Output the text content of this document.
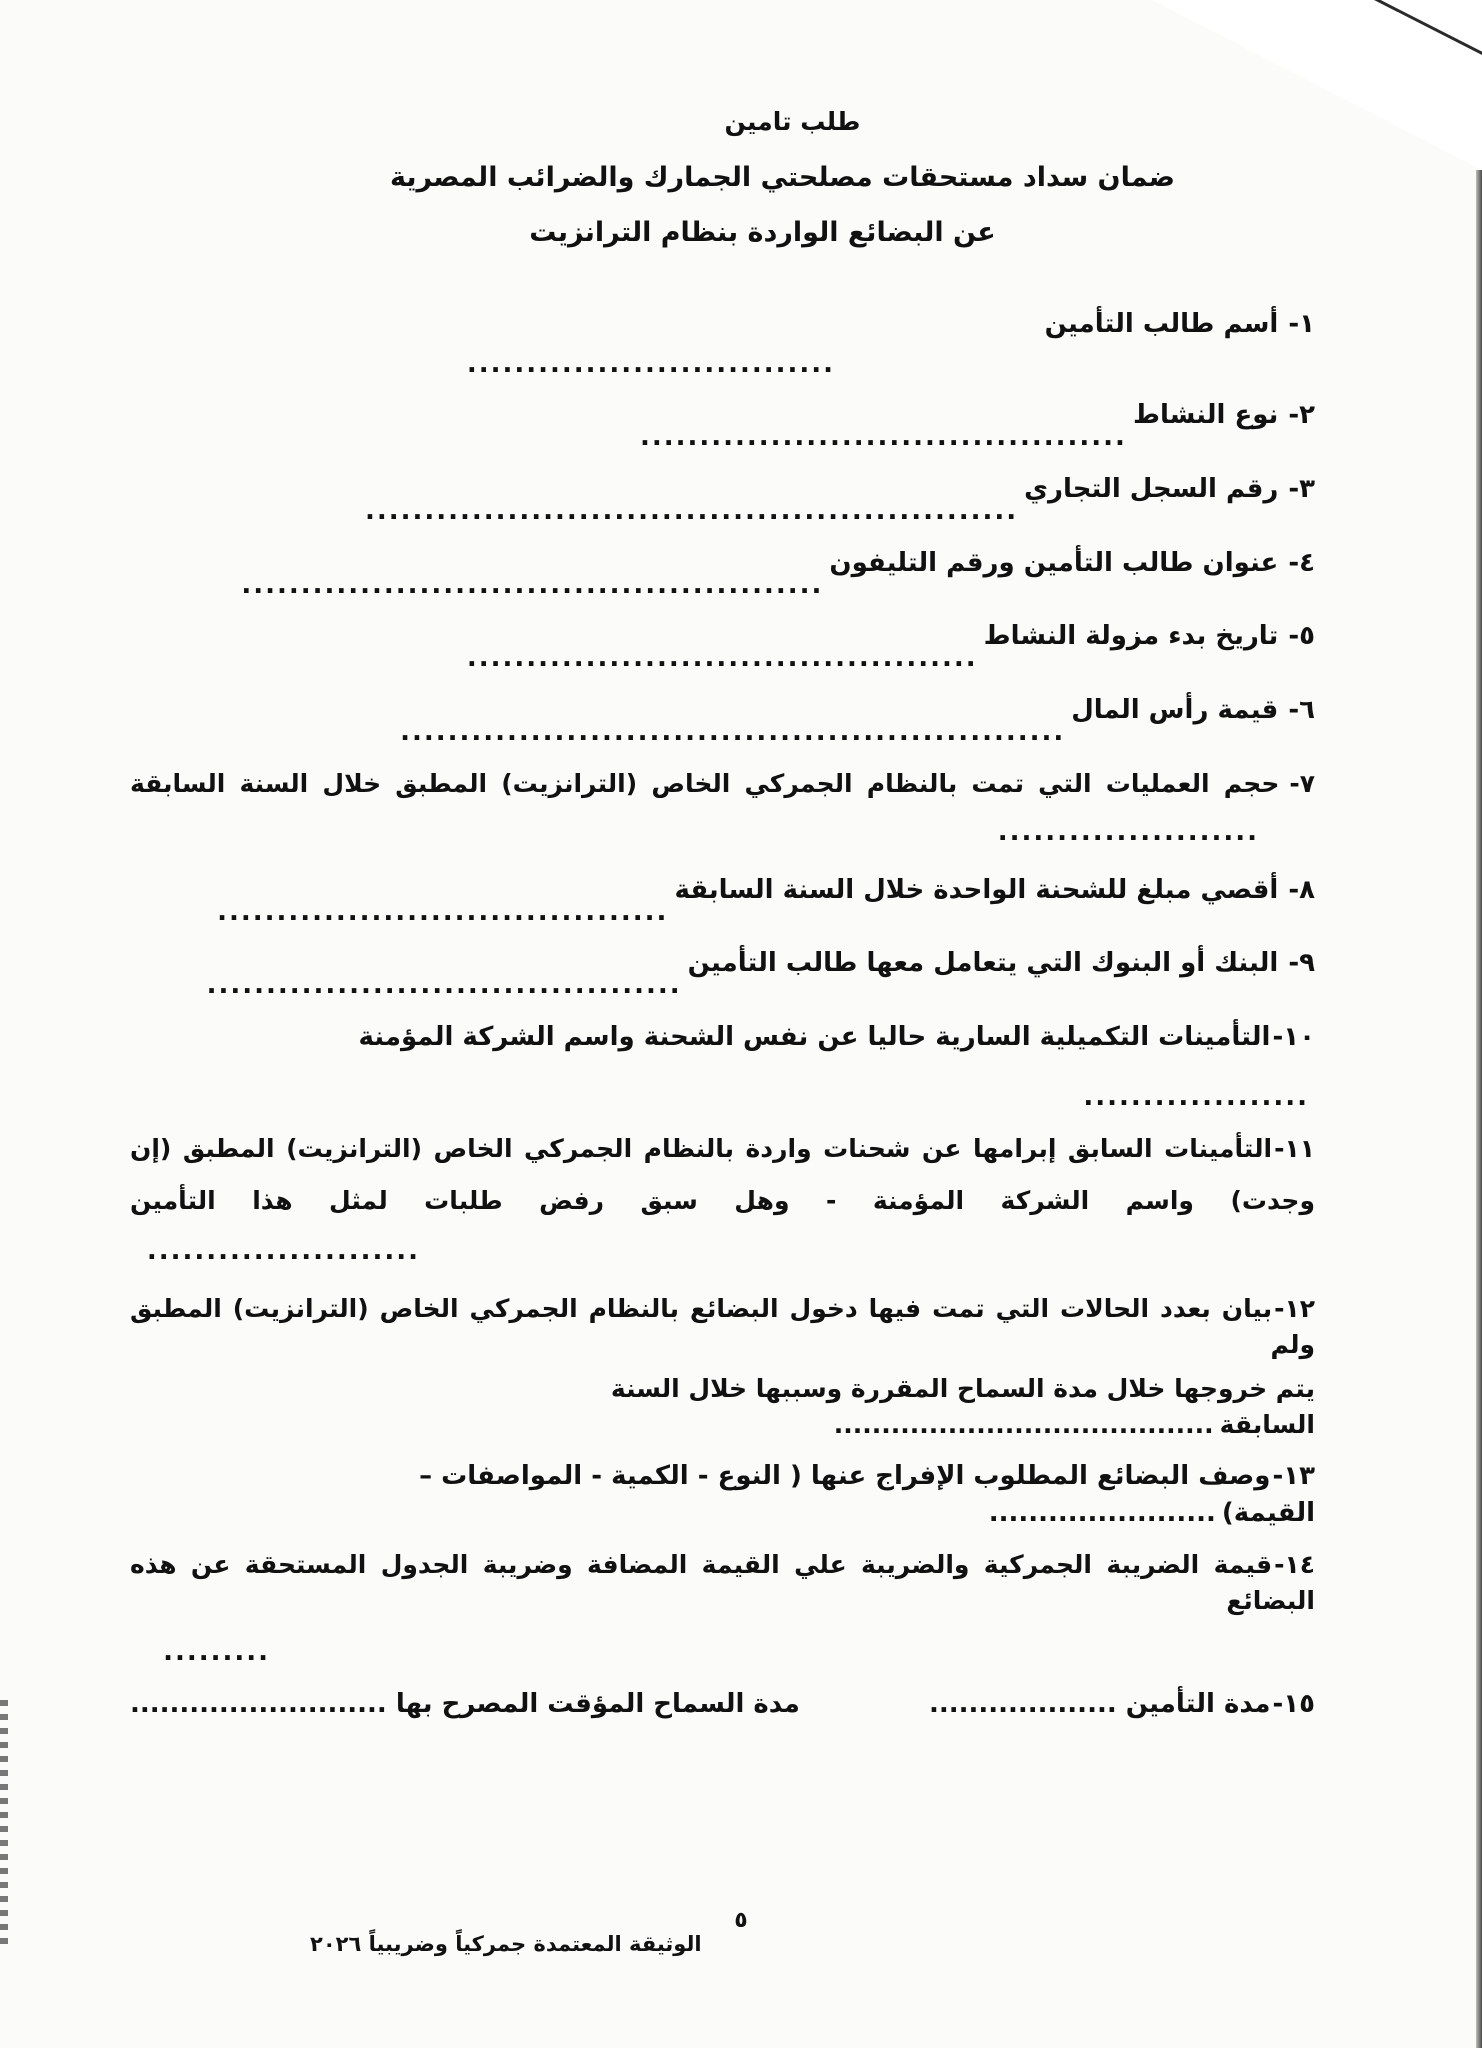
طلب تامين
ضمان سداد مستحقات مصلحتي الجمارك والضرائب المصرية
عن البضائع الواردة بنظام الترانزيت
١-أسم طالب التأمين
...............................
٢-نوع النشاط.........................................
٣-رقم السجل التجاري.......................................................
٤-عنوان طالب التأمين ورقم التليفون.................................................
٥-تاريخ بدء مزولة النشاط...........................................
٦-قيمة رأس المال........................................................
٧-حجم العمليات التي تمت بالنظام الجمركي الخاص (الترانزيت) المطبق خلال السنة السابقة
......................
٨-أقصي مبلغ للشحنة الواحدة خلال السنة السابقة......................................
٩-البنك أو البنوك التي يتعامل معها طالب التأمين........................................
١٠-التأمينات التكميلية السارية حاليا عن نفس الشحنة واسم الشركة المؤمنة...................
١١-التأمينات السابق إبرامها عن شحنات واردة بالنظام الجمركي الخاص (الترانزيت) المطبق (إن
وجدت) واسم الشركة المؤمنة - وهل سبق رفض طلبات لمثل هذا التأمين
.......................
١٢-بيان بعدد الحالات التي تمت فيها دخول البضائع بالنظام الجمركي الخاص (الترانزيت) المطبق ولم
يتم خروجها خلال مدة السماح المقررة وسببها خلال السنة السابقة........................................
١٣-وصف البضائع المطلوب الإفراج عنها ( النوع - الكمية - المواصفات – القيمة).......................
١٤-قيمة الضريبة الجمركية والضريبة علي القيمة المضافة وضريبة الجدول المستحقة عن هذه البضائع
.........
١٥-مدة التأمين ...................
مدة السماح المؤقت المصرح بها ..........................
٥
الوثيقة المعتمدة جمركياً وضريبياً ٢٠٢٦
